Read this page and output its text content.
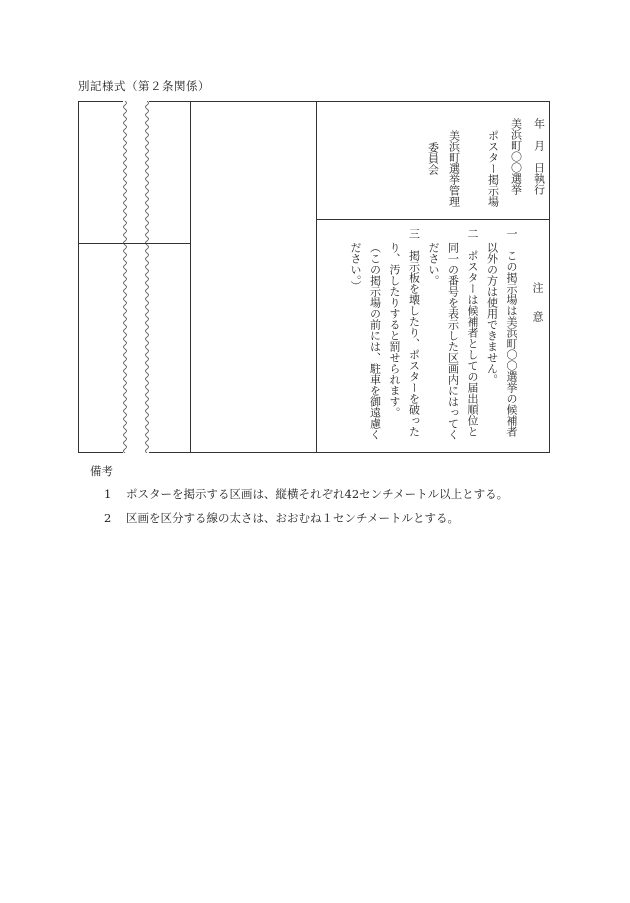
別記様式（第２条関係）
年　月　日執行
美浜町〇〇選挙
ポスター掲示場
美浜町選挙管理
委員会
注意
一　この掲示場は美浜町〇〇選挙の候補者
以外の方は使用できません。
二　ポスターは候補者としての届出順位と
同一の番号を表示した区画内にはってく
ださい。
三　掲示板を壊したり、ポスターを破った
り、汚したりすると罰せられます。
（この掲示場の前には、駐車を御遠慮く
ださい。）
備考
1 ポスターを掲示する区画は、縦横それぞれ42センチメートル以上とする。
2 区画を区分する線の太さは、おおむね１センチメートルとする。
